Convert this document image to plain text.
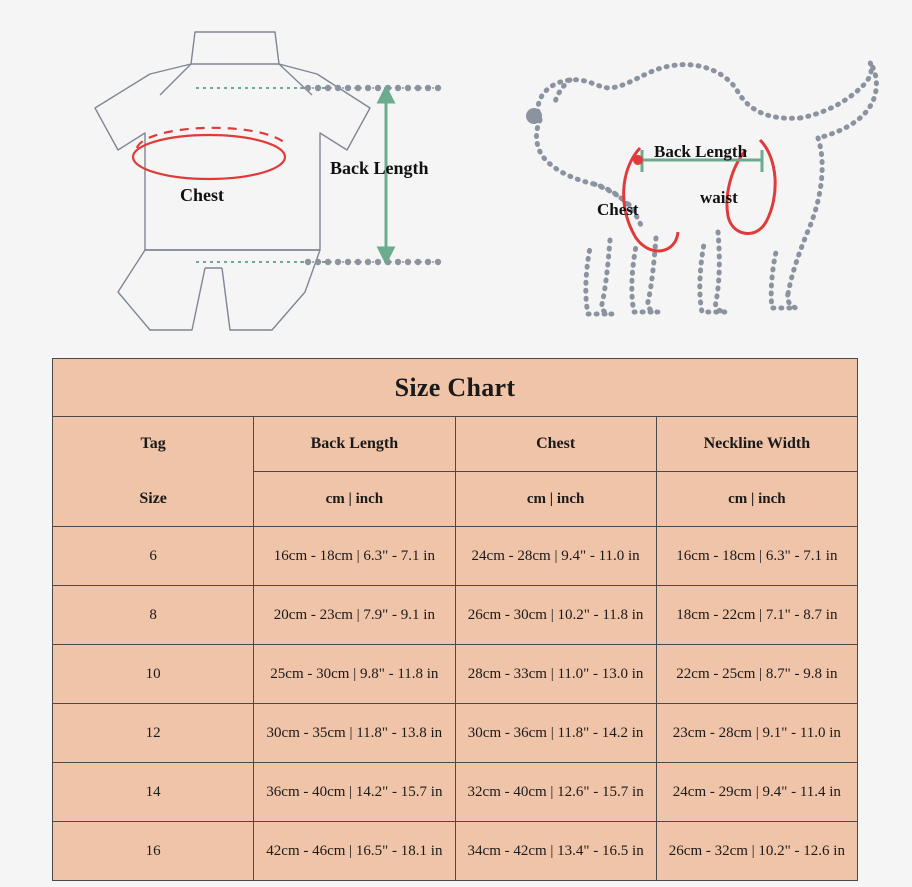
Chest
Back Length
Back Length
Chest
waist
Size Chart			
Tag	Back Length	Chest	Neckline Width
Size	cm | inch	cm | inch	cm | inch
6	16cm - 18cm | 6.3" - 7.1 in	24cm - 28cm | 9.4" - 11.0 in	16cm - 18cm | 6.3" - 7.1 in
8	20cm - 23cm | 7.9" - 9.1 in	26cm - 30cm | 10.2" - 11.8 in	18cm - 22cm | 7.1" - 8.7 in
10	25cm - 30cm | 9.8" - 11.8 in	28cm - 33cm | 11.0" - 13.0 in	22cm - 25cm | 8.7" - 9.8 in
12	30cm - 35cm | 11.8" - 13.8 in	30cm - 36cm | 11.8" - 14.2 in	23cm - 28cm | 9.1" - 11.0 in
14	36cm - 40cm | 14.2" - 15.7 in	32cm - 40cm | 12.6" - 15.7 in	24cm - 29cm | 9.4" - 11.4 in
16	42cm - 46cm | 16.5" - 18.1 in	34cm - 42cm | 13.4" - 16.5 in	26cm - 32cm | 10.2" - 12.6 in
